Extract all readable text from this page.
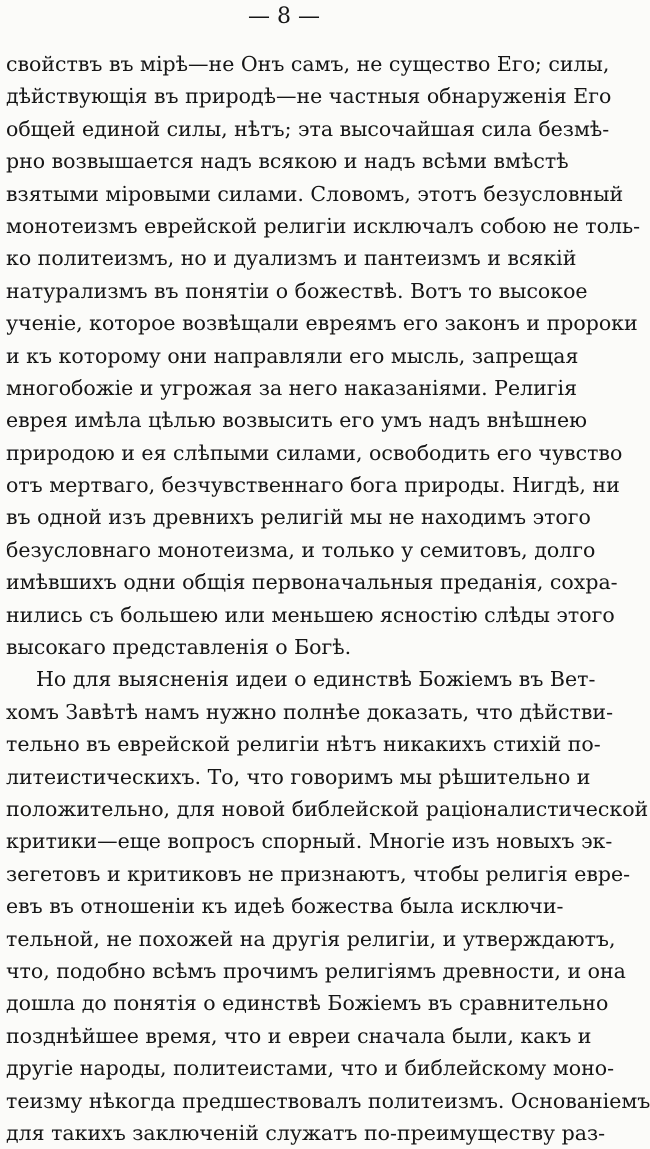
— 8 —
свойствъ въ мiрѣ—не Онъ самъ, не существо Его; силы,
дѣйствующiя въ природѣ—не частныя обнаруженiя Его
общей единой силы, нѣтъ; эта высочайшая сила безмѣ-
рно возвышается надъ всякою и надъ всѣми вмѣстѣ
взятыми мiровыми силами. Словомъ, этотъ безусловный
монотеизмъ еврейской религiи исключалъ собою не толь-
ко политеизмъ, но и дуализмъ и пантеизмъ и всякiй
натурализмъ въ понятiи о божествѣ. Вотъ то высокое
ученiе, которое возвѣщали евреямъ его законъ и пророки
и къ которому они направляли его мысль, запрещая
многобожiе и угрожая за него наказанiями. Религiя
еврея имѣла цѣлью возвысить его умъ надъ внѣшнею
природою и ея слѣпыми силами, освободить его чувство
отъ мертваго, безчувственнаго бога природы. Нигдѣ, ни
въ одной изъ древнихъ религiй мы не находимъ этого
безусловнаго монотеизма, и только у семитовъ, долго
имѣвшихъ одни общiя первоначальныя преданiя, сохра-
нились съ большею или меньшею ясностiю слѣды этого
высокаго представленiя о Богѣ.
Но для выясненiя идеи о единствѣ Божiемъ въ Вет-
хомъ Завѣтѣ намъ нужно полнѣе доказать, что дѣйстви-
тельно въ еврейской религiи нѣтъ никакихъ стихiй по-
литеистическихъ. То, что говоримъ мы рѣшительно и
положительно, для новой библейской рацiоналистической
критики—еще вопросъ спорный. Многiе изъ новыхъ эк-
зегетовъ и критиковъ не признаютъ, чтобы религiя евре-
евъ въ отношенiи къ идеѣ божества была исключи-
тельной, не похожей на другiя религiи, и утверждаютъ,
что, подобно всѣмъ прочимъ религiямъ древности, и она
дошла до понятiя о единствѣ Божiемъ въ сравнительно
позднѣйшее время, что и евреи сначала были, какъ и
другiе народы, политеистами, что и библейскому моно-
теизму нѣкогда предшествовалъ политеизмъ. Основанiемъ
для такихъ заключенiй служатъ по-преимуществу раз-
